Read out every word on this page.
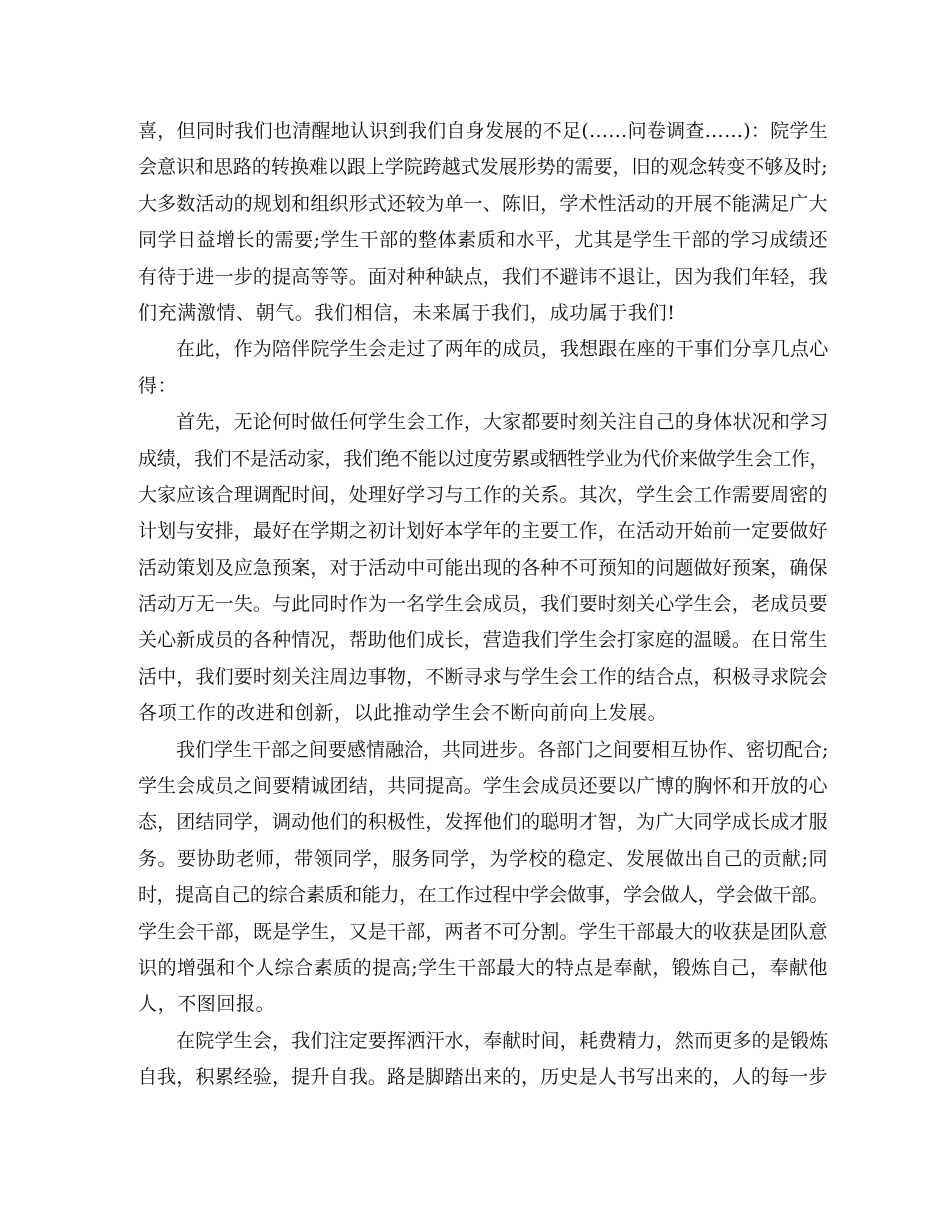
喜，但同时我们也清醒地认识到我们自身发展的不足(……问卷调查……)：院学生
会意识和思路的转换难以跟上学院跨越式发展形势的需要，旧的观念转变不够及时;
大多数活动的规划和组织形式还较为单一、陈旧，学术性活动的开展不能满足广大
同学日益增长的需要;学生干部的整体素质和水平，尤其是学生干部的学习成绩还
有待于进一步的提高等等。面对种种缺点，我们不避讳不退让，因为我们年轻，我
们充满激情、朝气。我们相信，未来属于我们，成功属于我们!
在此，作为陪伴院学生会走过了两年的成员，我想跟在座的干事们分享几点心
得：
首先，无论何时做任何学生会工作，大家都要时刻关注自己的身体状况和学习
成绩，我们不是活动家，我们绝不能以过度劳累或牺牲学业为代价来做学生会工作，
大家应该合理调配时间，处理好学习与工作的关系。其次，学生会工作需要周密的
计划与安排，最好在学期之初计划好本学年的主要工作，在活动开始前一定要做好
活动策划及应急预案，对于活动中可能出现的各种不可预知的问题做好预案，确保
活动万无一失。与此同时作为一名学生会成员，我们要时刻关心学生会，老成员要
关心新成员的各种情况，帮助他们成长，营造我们学生会打家庭的温暖。在日常生
活中，我们要时刻关注周边事物，不断寻求与学生会工作的结合点，积极寻求院会
各项工作的改进和创新，以此推动学生会不断向前向上发展。
我们学生干部之间要感情融洽，共同进步。各部门之间要相互协作、密切配合;
学生会成员之间要精诚团结，共同提高。学生会成员还要以广博的胸怀和开放的心
态，团结同学，调动他们的积极性，发挥他们的聪明才智，为广大同学成长成才服
务。要协助老师，带领同学，服务同学，为学校的稳定、发展做出自己的贡献;同
时，提高自己的综合素质和能力，在工作过程中学会做事，学会做人，学会做干部。
学生会干部，既是学生，又是干部，两者不可分割。学生干部最大的收获是团队意
识的增强和个人综合素质的提高;学生干部最大的特点是奉献，锻炼自己，奉献他
人，不图回报。
在院学生会，我们注定要挥洒汗水，奉献时间，耗费精力，然而更多的是锻炼
自我，积累经验，提升自我。路是脚踏出来的，历史是人书写出来的，人的每一步
